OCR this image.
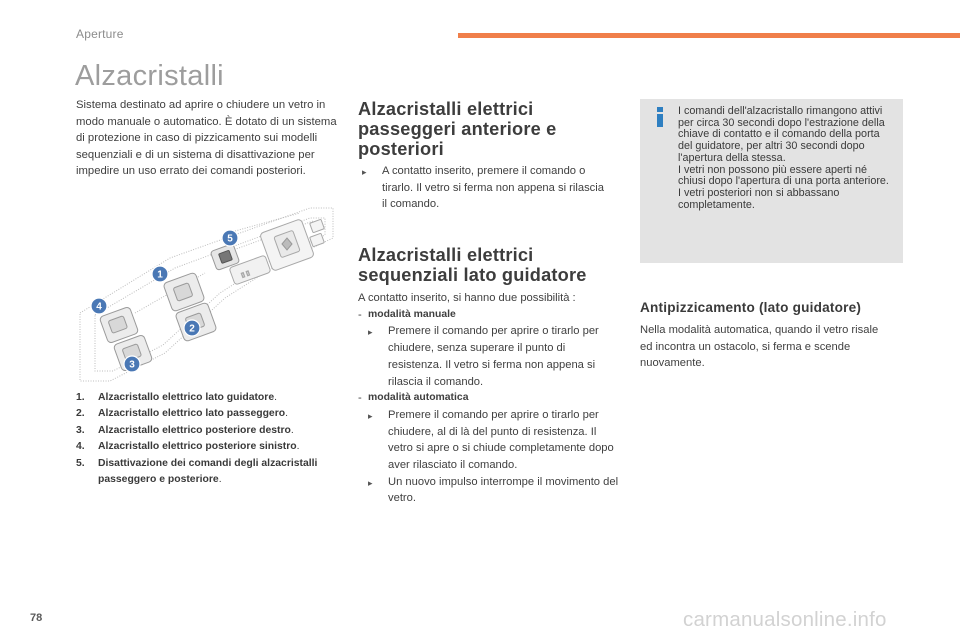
Aperture
Alzacristalli

Sistema destinato ad aprire o chiudere un vetro in modo manuale o automatico. È dotato di un sistema di protezione in caso di pizzicamento sui modelli sequenziali e di un sistema di disattivazione per impedire un uso errato dei comandi posteriori.

▯ ▯
1
2
3
4
5
1.	Alzacristallo elettrico lato guidatore.
2.	Alzacristallo elettrico lato passeggero.
3.	Alzacristallo elettrico posteriore destro.
4.	Alzacristallo elettrico posteriore sinistro.
5.	Disattivazione dei comandi degli alzacristalli passeggero e posteriore.
Alzacristalli elettrici passeggeri anteriore e posteriori
▸	A contatto inserito, premere il comando o tirarlo. Il vetro si ferma non appena si rilascia il comando.
Alzacristalli elettrici sequenziali lato guidatore
A contatto inserito, si hanno due possibilità :
- modalità manuale
▸	Premere il comando per aprire o tirarlo per chiudere, senza superare il punto di resistenza. Il vetro si ferma non appena si rilascia il comando.
- modalità automatica
▸	Premere il comando per aprire o tirarlo per chiudere, al di là del punto di resistenza. Il vetro si apre o si chiude completamente dopo aver rilasciato il comando.
▸	Un nuovo impulso interrompe il movimento del vetro.
I comandi dell'alzacristallo rimangono attivi per circa 30 secondi dopo l'estrazione della chiave di contatto e il comando della porta del guidatore, per altri 30 secondi dopo l'apertura della stessa.
I vetri non possono più essere aperti né chiusi dopo l'apertura di una porta anteriore.
I vetri posteriori non si abbassano completamente.
Antipizzicamento (lato guidatore)

Nella modalità automatica, quando il vetro risale ed incontra un ostacolo, si ferma e scende nuovamente.

78	carmanualsonline.info
